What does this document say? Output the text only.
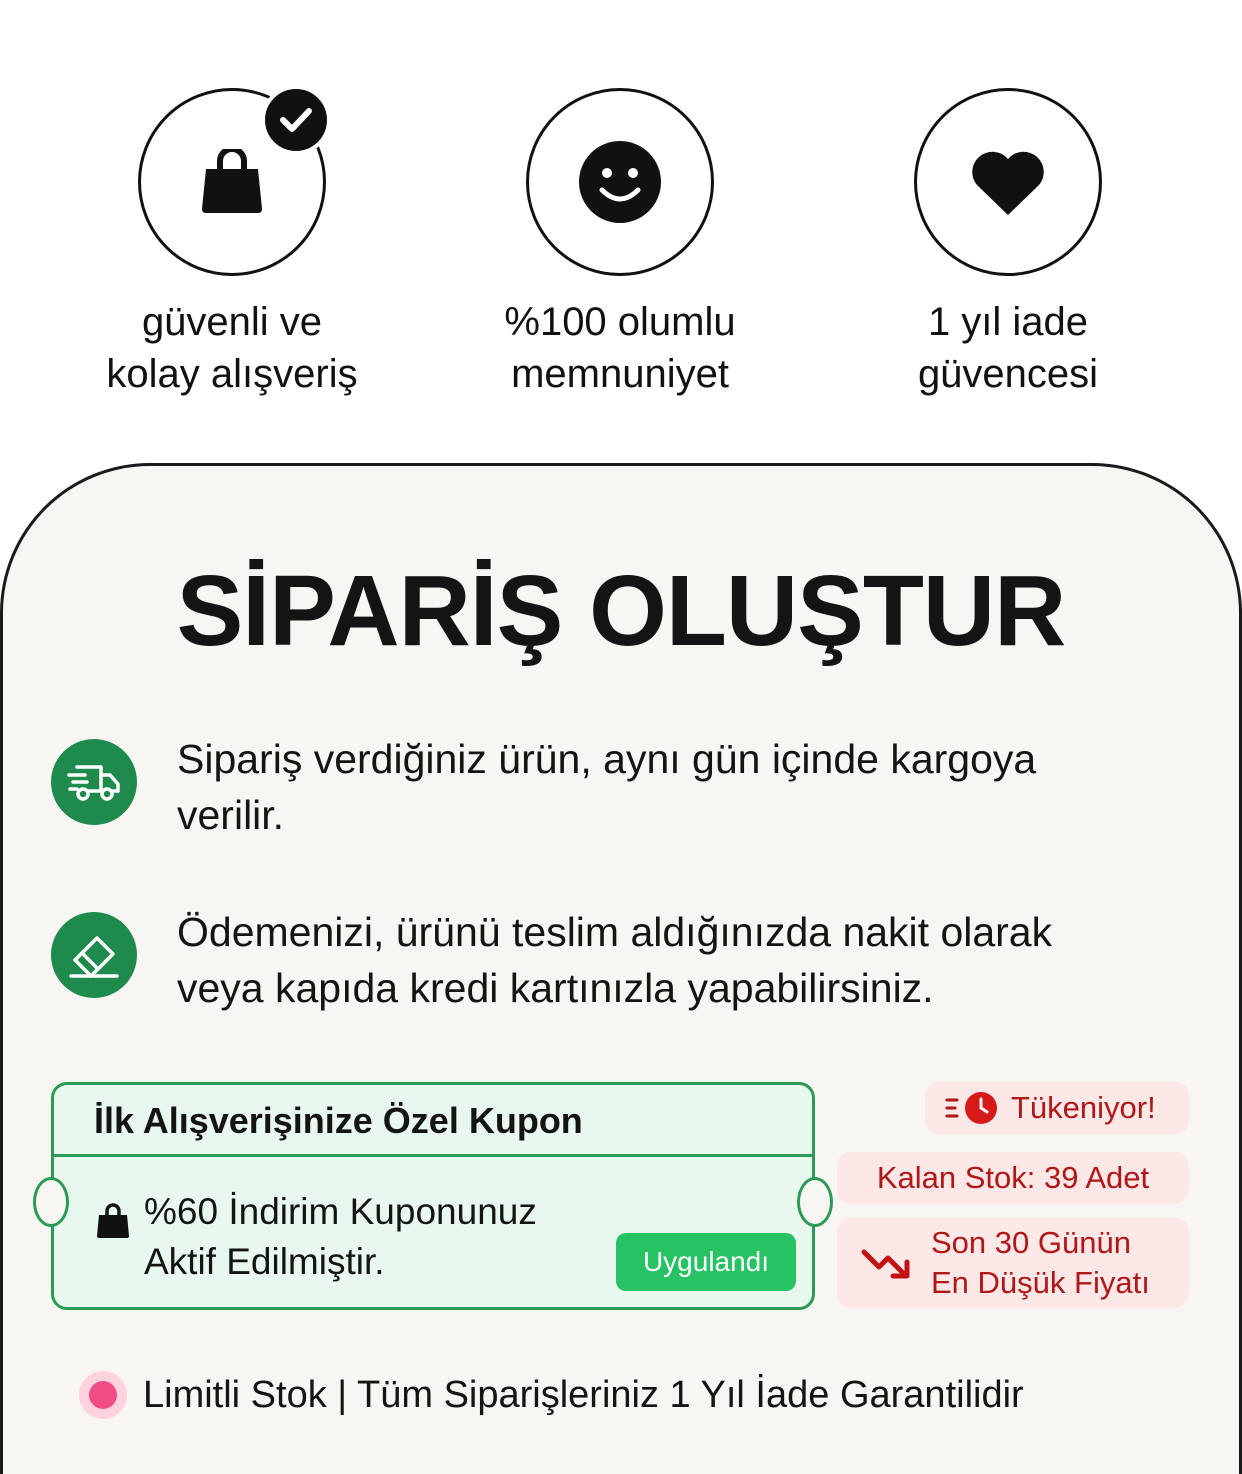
güvenli ve
kolay alışveriş
%100 olumlu
memnuniyet
1 yıl iade
güvencesi
SİPARİŞ OLUŞTUR
Sipariş verdiğiniz ürün, aynı gün içinde kargoya
verilir.
Ödemenizi, ürünü teslim aldığınızda nakit olarak
veya kapıda kredi kartınızla yapabilirsiniz.
İlk Alışverişinize Özel Kupon
%60 İndirim Kuponunuz
Aktif Edilmiştir.	Uygulandı
Tükeniyor!
Kalan Stok: 39 Adet
Son 30 Günün
En Düşük Fiyatı
Limitli Stok | Tüm Siparişleriniz 1 Yıl İade Garantilidir
